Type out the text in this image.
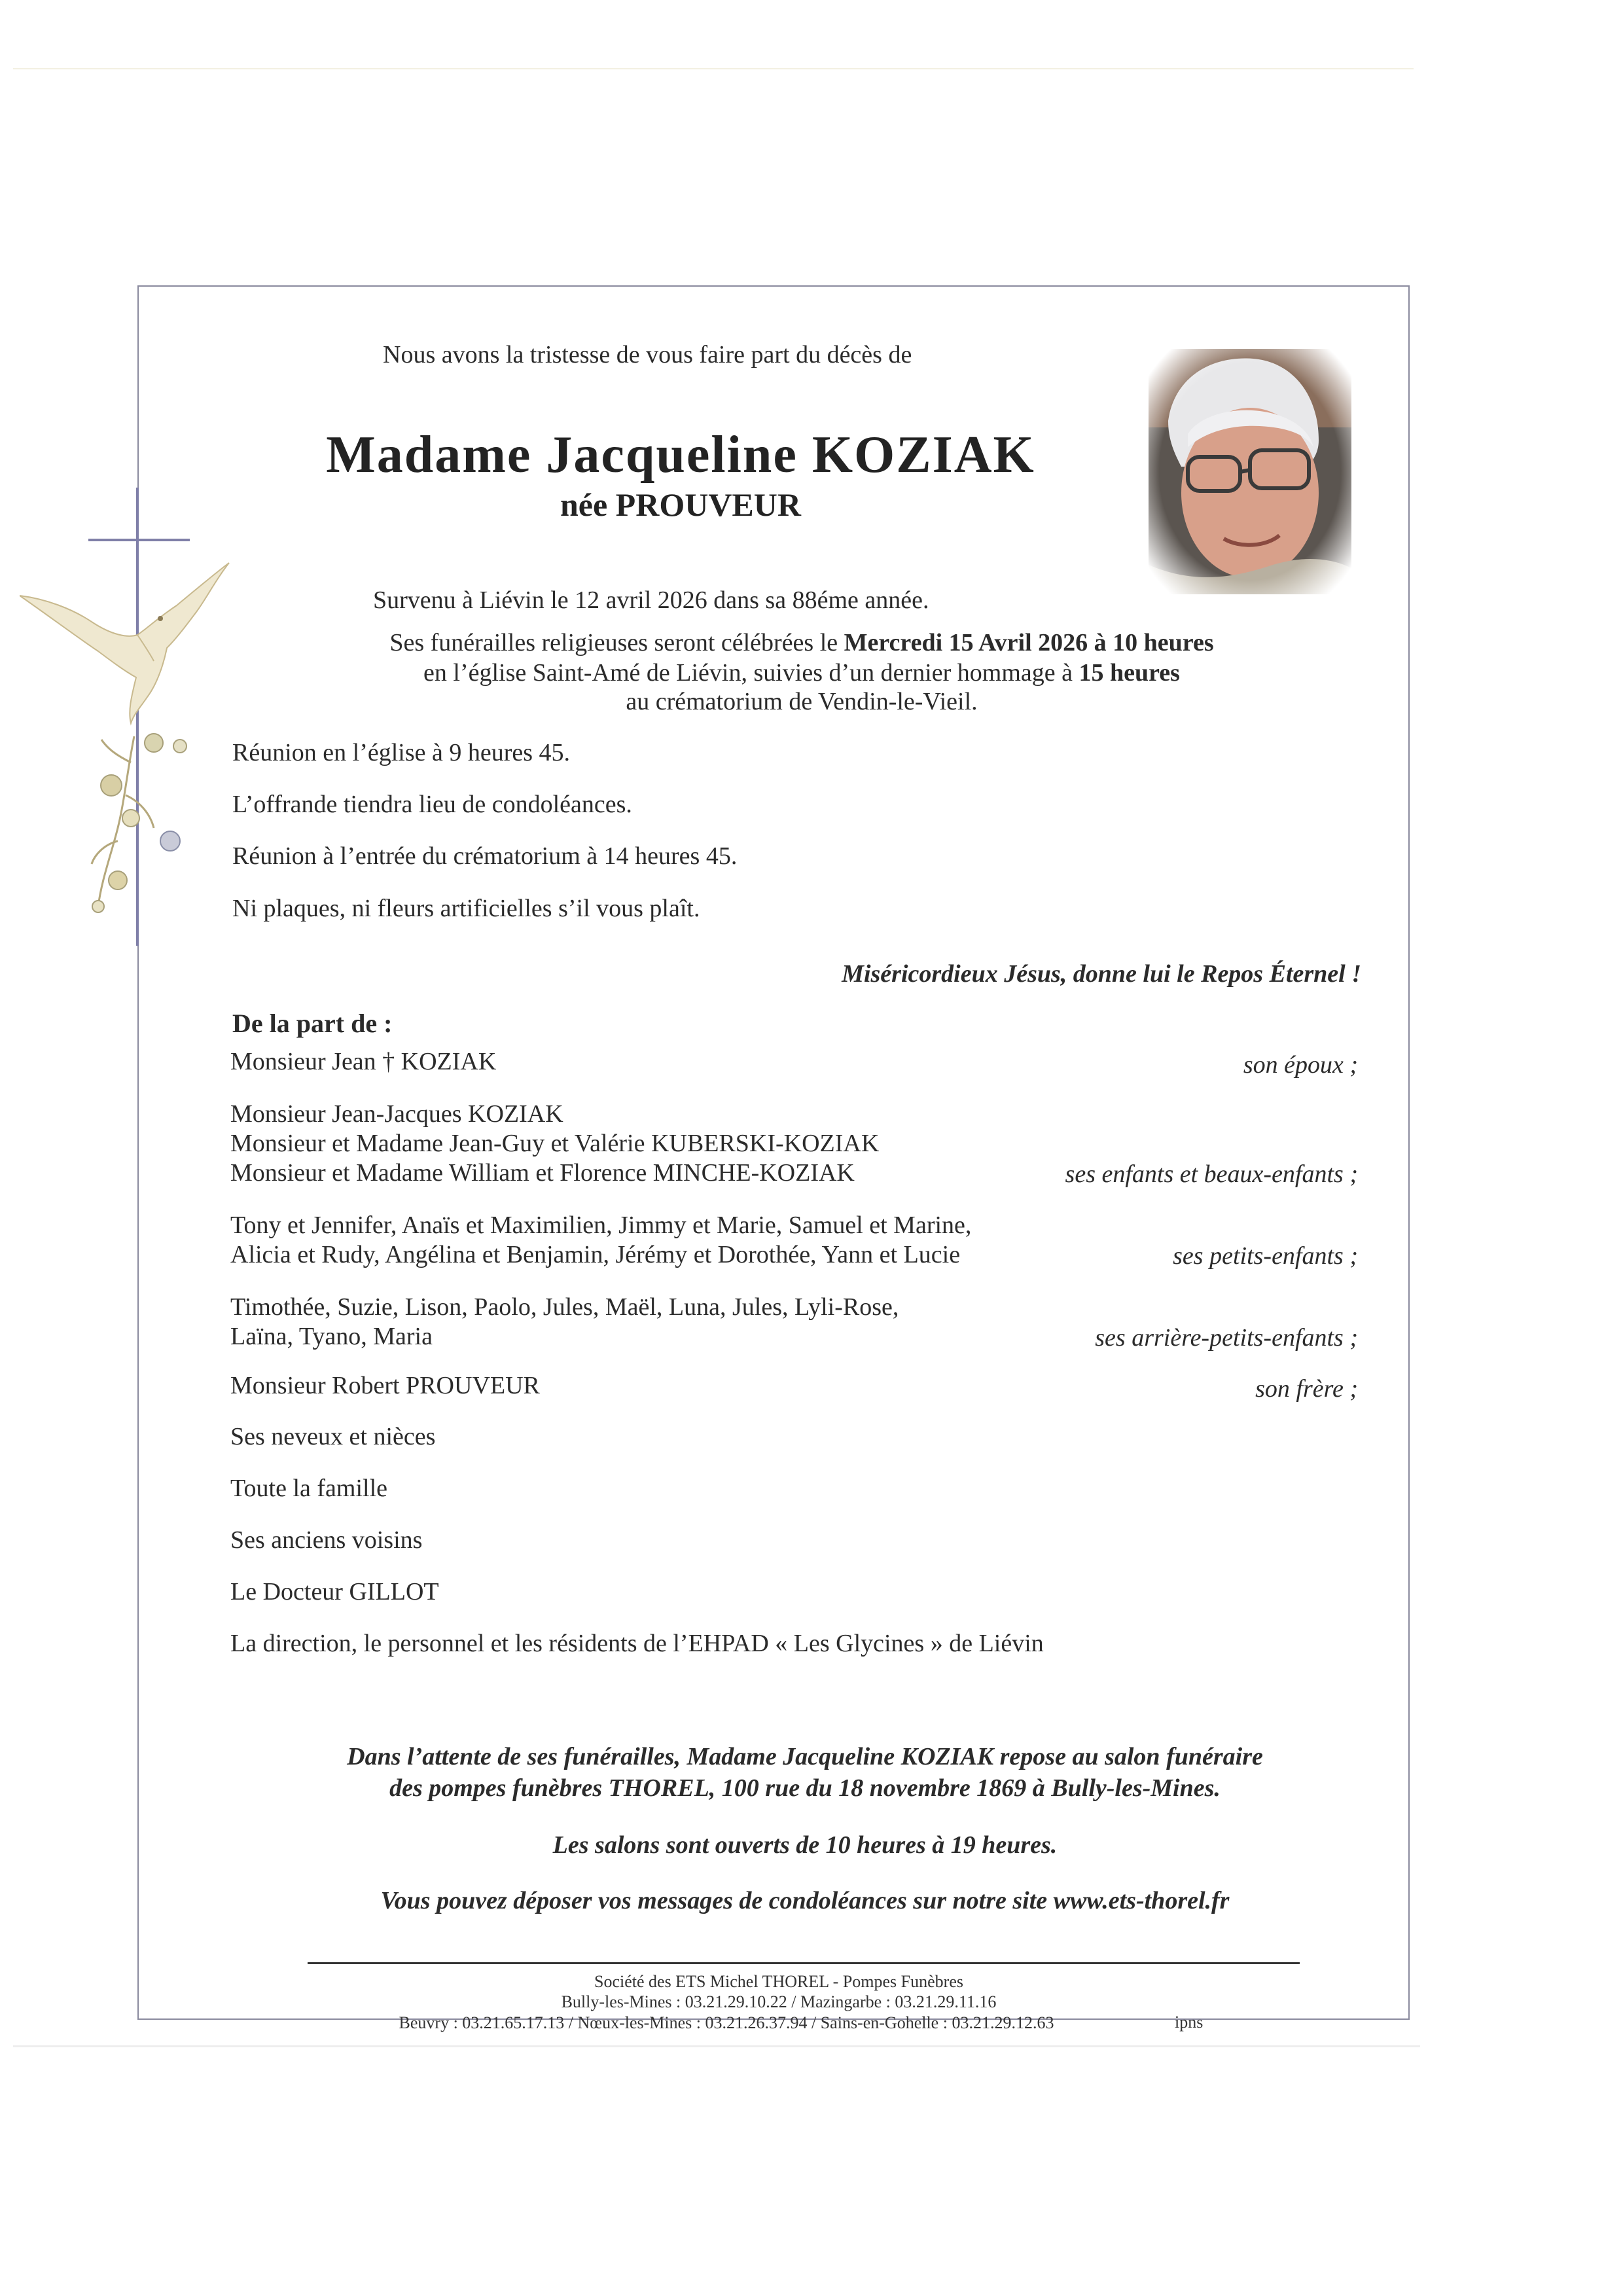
Nous avons la tristesse de vous faire part du décès de
Madame Jacqueline KOZIAK
née PROUVEUR
Survenu à Liévin le 12 avril 2026 dans sa 88éme année.
Ses funérailles religieuses seront célébrées le Mercredi 15 Avril 2026 à 10 heures
en l’église Saint-Amé de Liévin, suivies d’un dernier hommage à 15 heures
au crématorium de Vendin-le-Vieil.
Réunion en l’église à 9 heures 45.
L’offrande tiendra lieu de condoléances.
Réunion à l’entrée du crématorium à 14 heures 45.
Ni plaques, ni fleurs artificielles s’il vous plaît.
Miséricordieux Jésus, donne lui le Repos Éternel !
De la part de :
Monsieur Jean † KOZIAK	son époux ;
Monsieur Jean-Jacques KOZIAK
Monsieur et Madame Jean-Guy et Valérie KUBERSKI-KOZIAK
Monsieur et Madame William et Florence MINCHE-KOZIAK	ses enfants et beaux-enfants ;
Tony et Jennifer, Anaïs et Maximilien, Jimmy et Marie, Samuel et Marine,
Alicia et Rudy, Angélina et Benjamin, Jérémy et Dorothée, Yann et Lucie	ses petits-enfants ;
Timothée, Suzie, Lison, Paolo, Jules, Maël, Luna, Jules, Lyli-Rose,
Laïna, Tyano, Maria	ses arrière-petits-enfants ;
Monsieur Robert PROUVEUR	son frère ;
Ses neveux et nièces
Toute la famille
Ses anciens voisins
Le Docteur GILLOT
La direction, le personnel et les résidents de l’EHPAD « Les Glycines » de Liévin
Dans l’attente de ses funérailles, Madame Jacqueline KOZIAK repose au salon funéraire
des pompes funèbres THOREL, 100 rue du 18 novembre 1869 à Bully-les-Mines.
Les salons sont ouverts de 10 heures à 19 heures.
Vous pouvez déposer vos messages de condoléances sur notre site www.ets-thorel.fr
Société des ETS Michel THOREL - Pompes Funèbres
Bully-les-Mines : 03.21.29.10.22 / Mazingarbe : 03.21.29.11.16
Beuvry : 03.21.65.17.13 / Nœux-les-Mines : 03.21.26.37.94 / Sains-en-Gohelle : 03.21.29.12.63	ipns
